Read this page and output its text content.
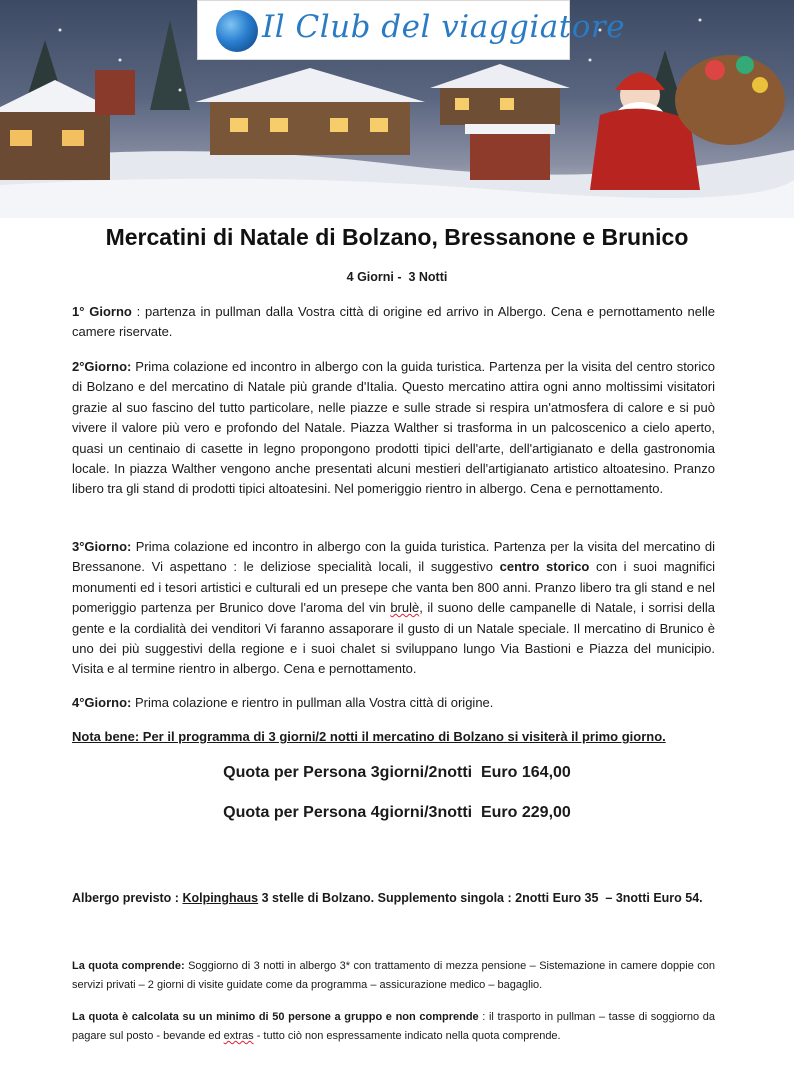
Il Club del viaggiatore
Mercatini di Natale di Bolzano, Bressanone e Brunico
4 Giorni -  3 Notti
1° Giorno : partenza in pullman dalla Vostra città di origine ed arrivo in Albergo. Cena e pernottamento nelle camere riservate.
2°Giorno: Prima colazione ed incontro in albergo con la guida turistica. Partenza per la visita del centro storico di Bolzano e del mercatino di Natale più grande d'Italia. Questo mercatino attira ogni anno moltissimi visitatori grazie al suo fascino del tutto particolare, nelle piazze e sulle strade si respira un'atmosfera di calore e si può vivere il valore più vero e profondo del Natale. Piazza Walther si trasforma in un palcoscenico a cielo aperto, quasi un centinaio di casette in legno propongono prodotti tipici dell'arte, dell'artigianato e della gastronomia locale. In piazza Walther vengono anche presentati alcuni mestieri dell'artigianato artistico altoatesino. Pranzo libero tra gli stand di prodotti tipici altoatesini. Nel pomeriggio rientro in albergo. Cena e pernottamento.
3°Giorno: Prima colazione ed incontro in albergo con la guida turistica. Partenza per la visita del mercatino di Bressanone. Vi aspettano : le deliziose specialità locali, il suggestivo centro storico con i suoi magnifici monumenti ed i tesori artistici e culturali ed un presepe che vanta ben 800 anni. Pranzo libero tra gli stand e nel pomeriggio partenza per Brunico dove l'aroma del vin brulè, il suono delle campanelle di Natale, i sorrisi della gente e la cordialità dei venditori Vi faranno assaporare il gusto di un Natale speciale. Il mercatino di Brunico è uno dei più suggestivi della regione e i suoi chalet si sviluppano lungo Via Bastioni e Piazza del municipio. Visita e al termine rientro in albergo. Cena e pernottamento.
4°Giorno: Prima colazione e rientro in pullman alla Vostra città di origine.
Nota bene: Per il programma di 3 giorni/2 notti il mercatino di Bolzano si visiterà il primo giorno.
Quota per Persona 3giorni/2notti  Euro 164,00
Quota per Persona 4giorni/3notti  Euro 229,00
Albergo previsto : Kolpinghaus 3 stelle di Bolzano. Supplemento singola : 2notti Euro 35  – 3notti Euro 54.
La quota comprende: Soggiorno di 3 notti in albergo 3* con trattamento di mezza pensione – Sistemazione in camere doppie con servizi privati – 2 giorni di visite guidate come da programma – assicurazione medico – bagaglio.
La quota è calcolata su un minimo di 50 persone a gruppo e non comprende : il trasporto in pullman – tasse di soggiorno da pagare sul posto - bevande ed extras - tutto ciò non espressamente indicato nella quota comprende.
